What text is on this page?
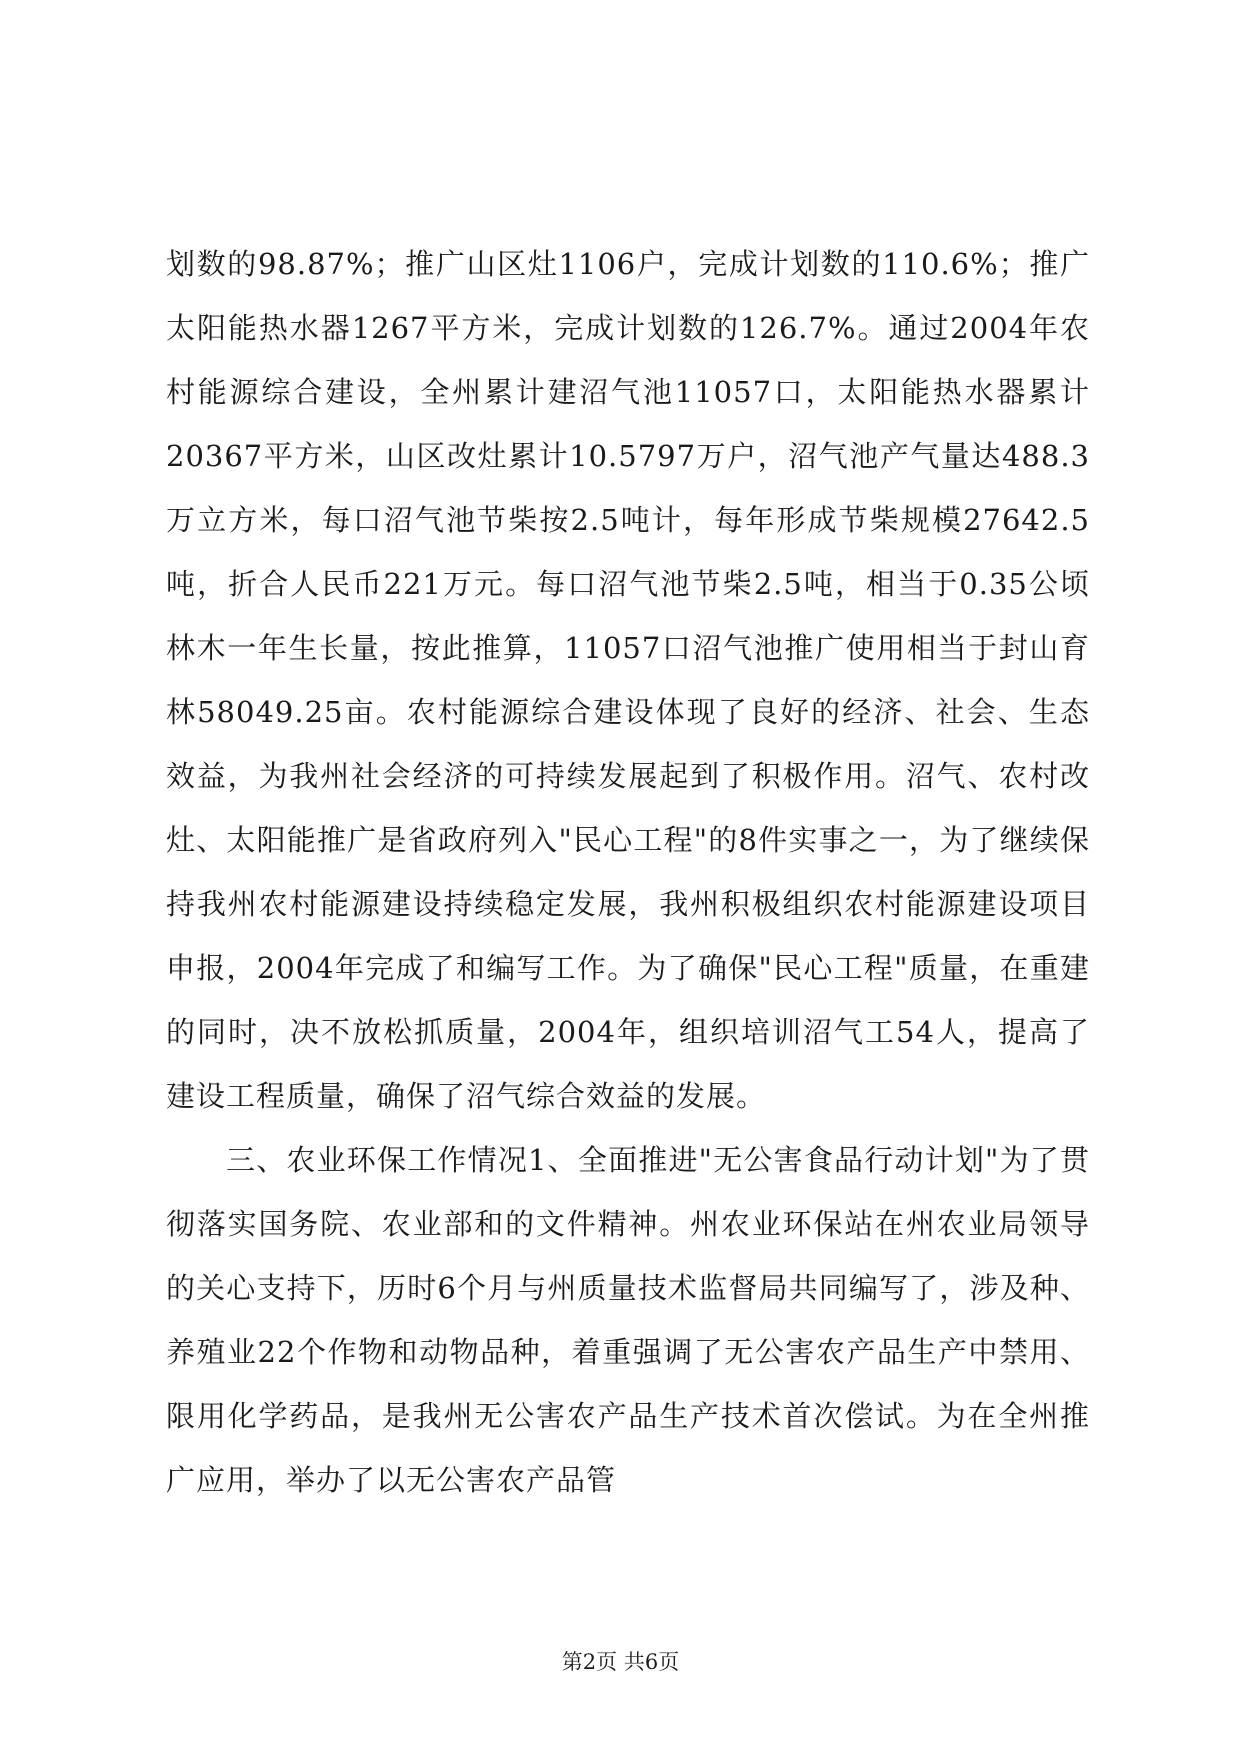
划数的98.87%；推广山区灶1106户，完成计划数的110.6%；推广太阳能热水器1267平方米，完成计划数的126.7%。通过2004年农村能源综合建设，全州累计建沼气池11057口，太阳能热水器累计20367平方米，山区改灶累计10.5797万户，沼气池产气量达488.3万立方米，每口沼气池节柴按2.5吨计，每年形成节柴规模27642.5吨，折合人民币221万元。每口沼气池节柴2.5吨，相当于0.35公顷林木一年生长量，按此推算，11057口沼气池推广使用相当于封山育林58049.25亩。农村能源综合建设体现了良好的经济、社会、生态效益，为我州社会经济的可持续发展起到了积极作用。沼气、农村改灶、太阳能推广是省政府列入"民心工程"的8件实事之一，为了继续保持我州农村能源建设持续稳定发展，我州积极组织农村能源建设项目申报，2004年完成了和编写工作。为了确保"民心工程"质量，在重建的同时，决不放松抓质量，2004年，组织培训沼气工54人，提高了建设工程质量，确保了沼气综合效益的发展。

三、农业环保工作情况1、全面推进"无公害食品行动计划"为了贯彻落实国务院、农业部和的文件精神。州农业环保站在州农业局领导的关心支持下，历时6个月与州质量技术监督局共同编写了，涉及种、养殖业22个作物和动物品种，着重强调了无公害农产品生产中禁用、限用化学药品，是我州无公害农产品生产技术首次偿试。为在全州推广应用，举办了以无公害农产品管

第2页 共6页
